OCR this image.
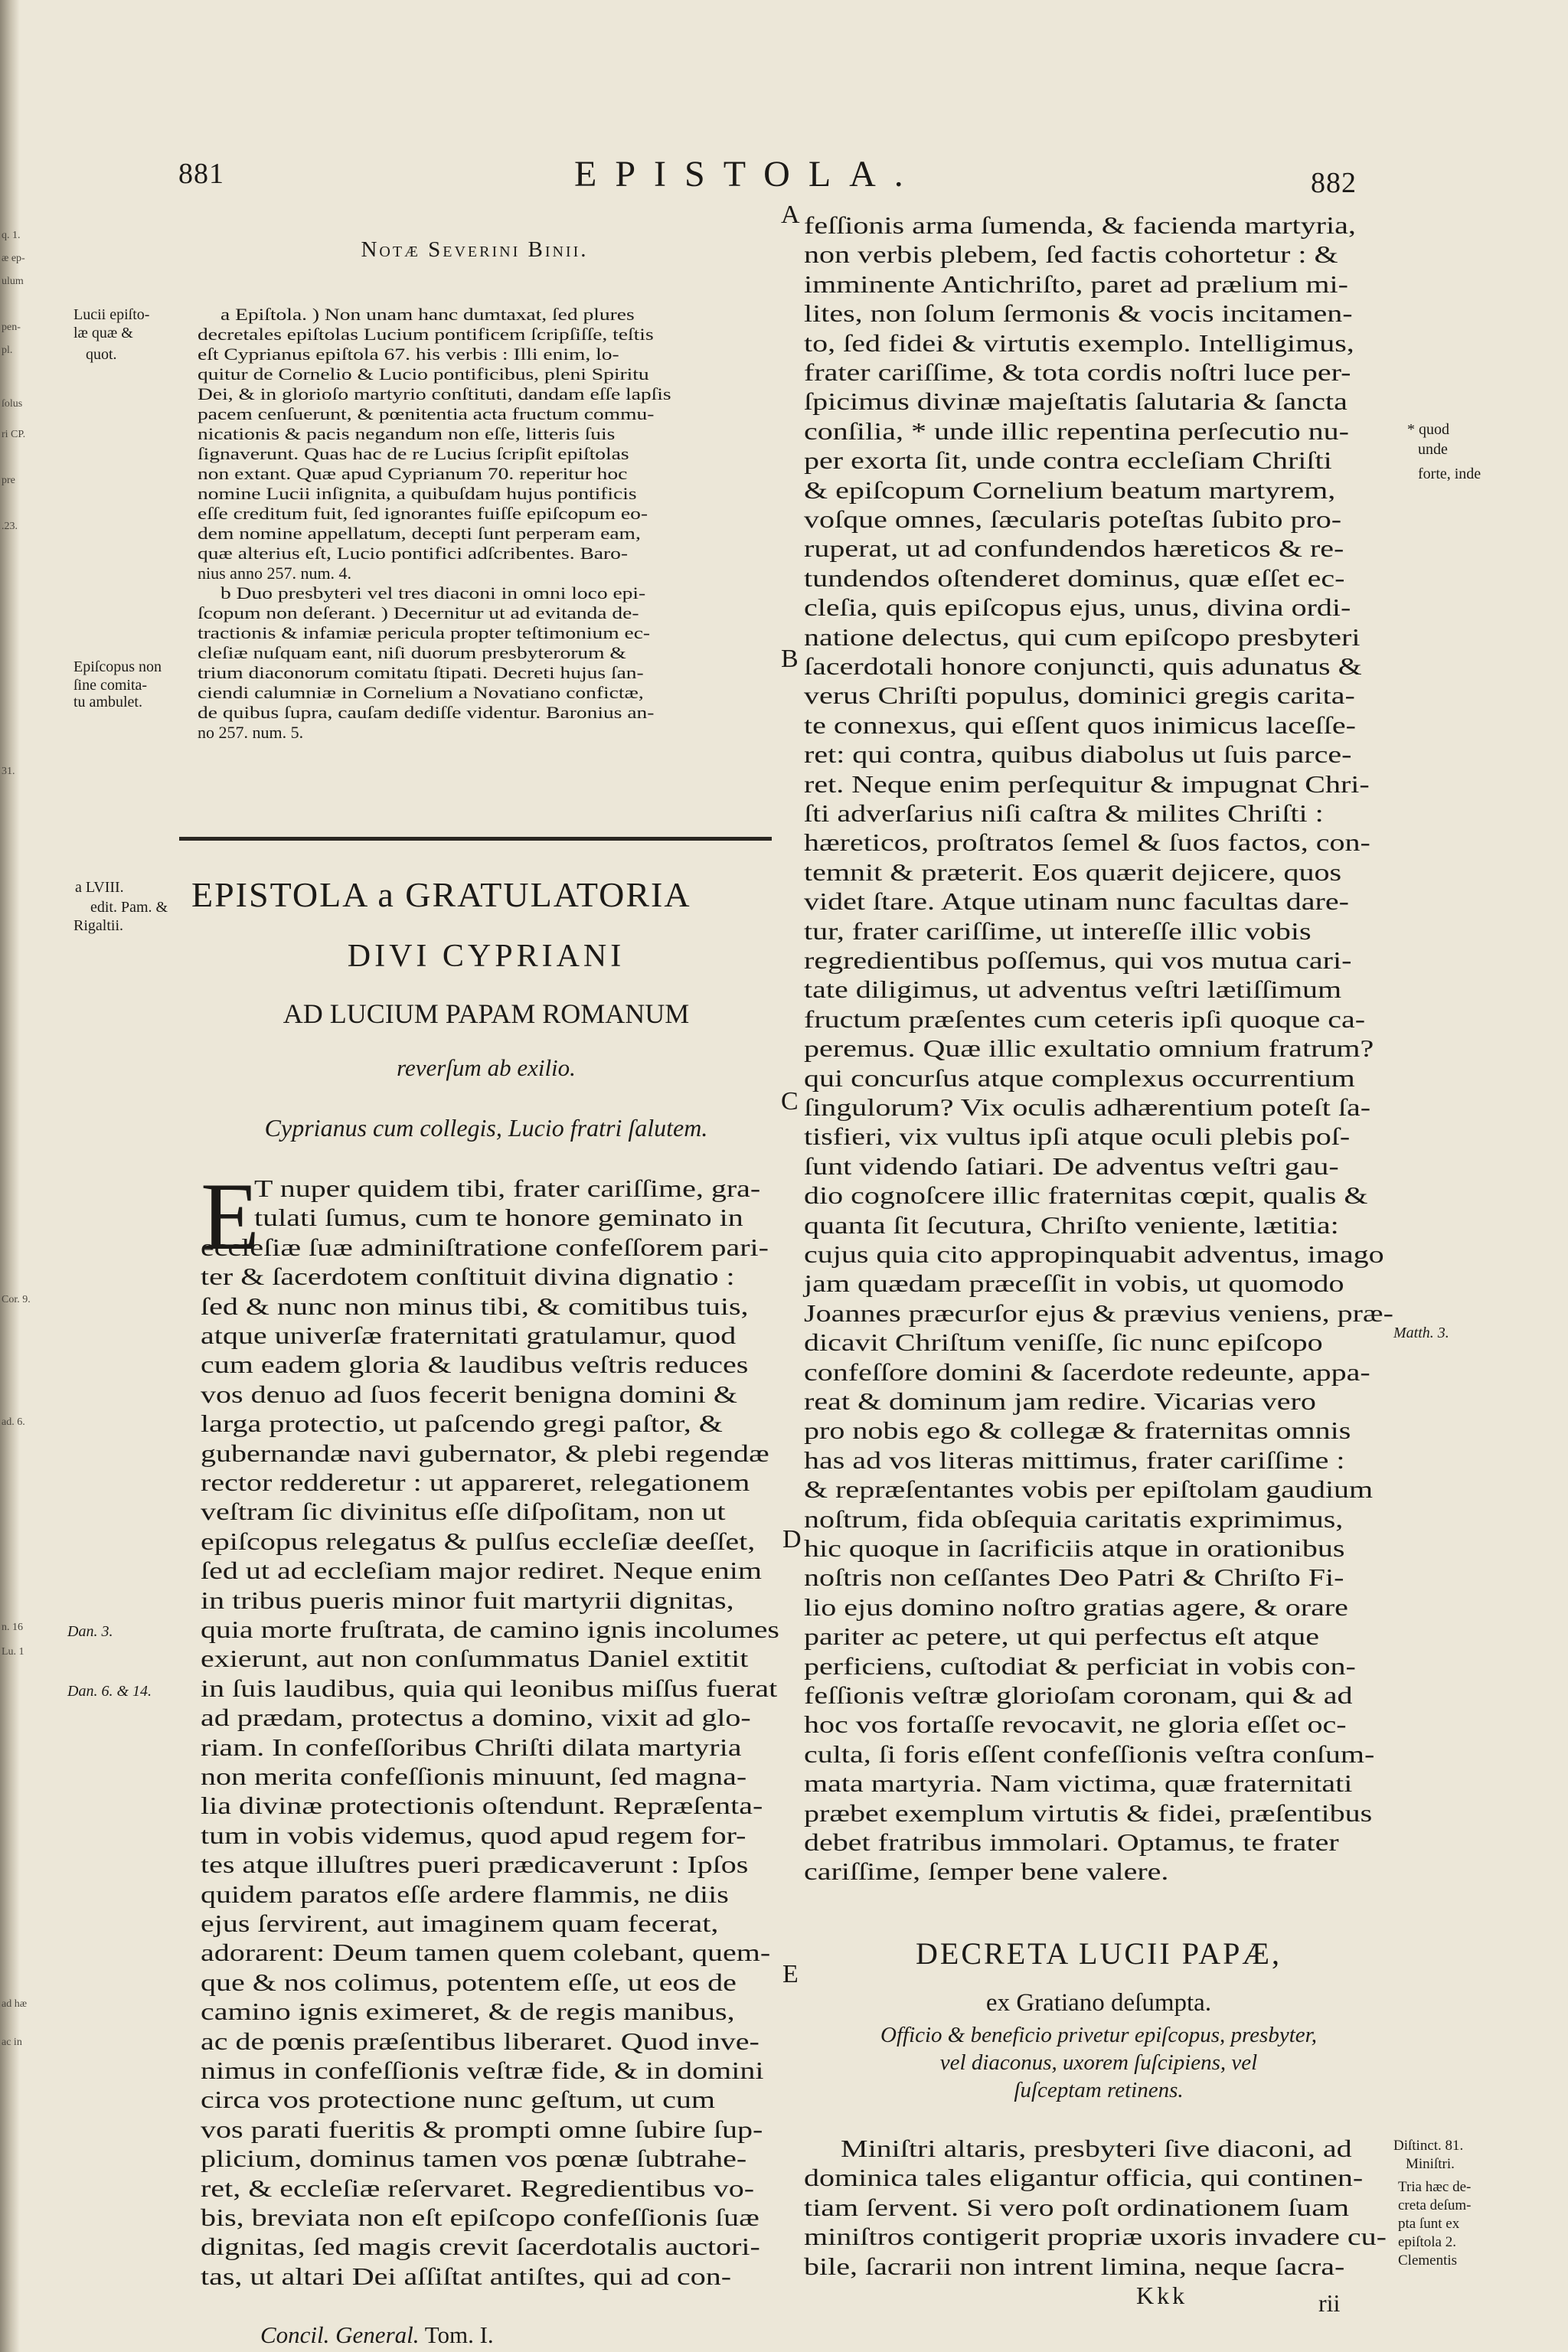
q. 1.
æ ep-
ulum
pen-
pl.
ſolus
ri CP.
pre
.23.
31.
Cor. 9.
ad. 6.
n. 16
Lu. 1
ad hæ
ac in
881	EPISTOLA.	882
Notæ Severini Binii.
a Epiſtola. ) Non unam hanc dumtaxat, ſed plures
decretales epiſtolas Lucium pontificem ſcripſiſſe, teſtis
eſt Cyprianus epiſtola 67. his verbis : Illi enim, lo-
quitur de Cornelio & Lucio pontificibus, pleni Spiritu
Dei, & in glorioſo martyrio conſtituti, dandam eſſe lapſis
pacem cenſuerunt, & pœnitentia acta fructum commu-
nicationis & pacis negandum non eſſe, litteris ſuis
ſignaverunt. Quas hac de re Lucius ſcripſit epiſtolas
non extant. Quæ apud Cyprianum 70. reperitur hoc
nomine Lucii inſignita, a quibuſdam hujus pontificis
eſſe creditum fuit, ſed ignorantes fuiſſe epiſcopum eo-
dem nomine appellatum, decepti ſunt perperam eam,
quæ alterius eſt, Lucio pontifici adſcribentes. Baro-
nius anno 257. num. 4.
b Duo presbyteri vel tres diaconi in omni loco epi-
ſcopum non deſerant. ) Decernitur ut ad evitanda de-
tractionis & infamiæ pericula propter teſtimonium ec-
cleſiæ nuſquam eant, niſi duorum presbyterorum &
trium diaconorum comitatu ſtipati. Decreti hujus ſan-
ciendi calumniæ in Cornelium a Novatiano confictæ,
de quibus ſupra, cauſam dediſſe videntur. Baronius an-
no 257. num. 5.
EPISTOLA a GRATULATORIA
DIVI CYPRIANI
AD LUCIUM PAPAM ROMANUM
reverſum ab exilio.
Cyprianus cum collegis, Lucio fratri ſalutem.
E
T nuper quidem tibi, frater cariſſime, gra-
tulati ſumus, cum te honore geminato in
eccleſiæ ſuæ adminiſtratione confeſſorem pari-
ter & ſacerdotem conſtituit divina dignatio :
ſed & nunc non minus tibi, & comitibus tuis,
atque univerſæ fraternitati gratulamur, quod
cum eadem gloria & laudibus veſtris reduces
vos denuo ad ſuos fecerit benigna domini &
larga protectio, ut paſcendo gregi paſtor, &
gubernandæ navi gubernator, & plebi regendæ
rector redderetur : ut appareret, relegationem
veſtram ſic divinitus eſſe diſpoſitam, non ut
epiſcopus relegatus & pulſus eccleſiæ deeſſet,
ſed ut ad eccleſiam major rediret. Neque enim
in tribus pueris minor fuit martyrii dignitas,
quia morte fruſtrata, de camino ignis incolumes
exierunt, aut non conſummatus Daniel extitit
in ſuis laudibus, quia qui leonibus miſſus fuerat
ad prædam, protectus a domino, vixit ad glo-
riam. In confeſſoribus Chriſti dilata martyria
non merita confeſſionis minuunt, ſed magna-
lia divinæ protectionis oſtendunt. Repræſenta-
tum in vobis videmus, quod apud regem for-
tes atque illuſtres pueri prædicaverunt : Ipſos
quidem paratos eſſe ardere flammis, ne diis
ejus ſervirent, aut imaginem quam fecerat,
adorarent: Deum tamen quem colebant, quem-
que & nos colimus, potentem eſſe, ut eos de
camino ignis eximeret, & de regis manibus,
ac de pœnis præſentibus liberaret. Quod inve-
nimus in confeſſionis veſtræ fide, & in domini
circa vos protectione nunc geſtum, ut cum
vos parati fueritis & prompti omne ſubire ſup-
plicium, dominus tamen vos pœnæ ſubtrahe-
ret, & eccleſiæ reſervaret. Regredientibus vo-
bis, breviata non eſt epiſcopo confeſſionis ſuæ
dignitas, ſed magis crevit ſacerdotalis auctori-
tas, ut altari Dei aſſiſtat antiſtes, qui ad con-
feſſionis arma ſumenda, & facienda martyria,
non verbis plebem, ſed factis cohortetur : &
imminente Antichriſto, paret ad prælium mi-
lites, non ſolum ſermonis & vocis incitamen-
to, ſed fidei & virtutis exemplo. Intelligimus,
frater cariſſime, & tota cordis noſtri luce per-
ſpicimus divinæ majeſtatis ſalutaria & ſancta
conſilia, * unde illic repentina perſecutio nu-
per exorta ſit, unde contra eccleſiam Chriſti
& epiſcopum Cornelium beatum martyrem,
voſque omnes, ſæcularis poteſtas ſubito pro-
ruperat, ut ad confundendos hæreticos & re-
tundendos oſtenderet dominus, quæ eſſet ec-
cleſia, quis epiſcopus ejus, unus, divina ordi-
natione delectus, qui cum epiſcopo presbyteri
ſacerdotali honore conjuncti, quis adunatus &
verus Chriſti populus, dominici gregis carita-
te connexus, qui eſſent quos inimicus laceſſe-
ret: qui contra, quibus diabolus ut ſuis parce-
ret. Neque enim perſequitur & impugnat Chri-
ſti adverſarius niſi caſtra & milites Chriſti :
hæreticos, proſtratos ſemel & ſuos factos, con-
temnit & præterit. Eos quærit dejicere, quos
videt ſtare. Atque utinam nunc facultas dare-
tur, frater cariſſime, ut intereſſe illic vobis
regredientibus poſſemus, qui vos mutua cari-
tate diligimus, ut adventus veſtri lætiſſimum
fructum præſentes cum ceteris ipſi quoque ca-
peremus. Quæ illic exultatio omnium fratrum?
qui concurſus atque complexus occurrentium
ſingulorum? Vix oculis adhærentium poteſt ſa-
tisfieri, vix vultus ipſi atque oculi plebis poſ-
ſunt videndo ſatiari. De adventus veſtri gau-
dio cognoſcere illic fraternitas cœpit, qualis &
quanta ſit ſecutura, Chriſto veniente, lætitia:
cujus quia cito appropinquabit adventus, imago
jam quædam præceſſit in vobis, ut quomodo
Joannes præcurſor ejus & prævius veniens, præ-
dicavit Chriſtum veniſſe, ſic nunc epiſcopo
confeſſore domini & ſacerdote redeunte, appa-
reat & dominum jam redire. Vicarias vero
pro nobis ego & collegæ & fraternitas omnis
has ad vos literas mittimus, frater cariſſime :
& repræſentantes vobis per epiſtolam gaudium
noſtrum, fida obſequia caritatis exprimimus,
hic quoque in ſacrificiis atque in orationibus
noſtris non ceſſantes Deo Patri & Chriſto Fi-
lio ejus domino noſtro gratias agere, & orare
pariter ac petere, ut qui perfectus eſt atque
perficiens, cuſtodiat & perficiat in vobis con-
feſſionis veſtræ glorioſam coronam, qui & ad
hoc vos fortaſſe revocavit, ne gloria eſſet oc-
culta, ſi foris eſſent confeſſionis veſtra conſum-
mata martyria. Nam victima, quæ fraternitati
præbet exemplum virtutis & fidei, præſentibus
debet fratribus immolari. Optamus, te frater
cariſſime, ſemper bene valere.
DECRETA LUCII PAPÆ,
ex Gratiano deſumpta.
Officio & beneficio privetur epiſcopus, presbyter,
vel diaconus, uxorem ſuſcipiens, vel
ſuſceptam retinens.
Miniſtri altaris, presbyteri ſive diaconi, ad
dominica tales eligantur officia, qui continen-
tiam ſervent. Si vero poſt ordinationem ſuam
miniſtros contigerit propriæ uxoris invadere cu-
bile, ſacrarii non intrent limina, neque ſacra-
Concil. General. Tom. I.
Kkk	rii
Lucii epiſto-
læ quæ &
quot.
Epiſcopus non
ſine comita-
tu ambulet.
a LVIII.
edit. Pam. &
Rigaltii.
Dan. 3.
Dan. 6. & 14.
* quod
unde
forte, inde
Matth. 3.
Diſtinct. 81.
Miniſtri.
Tria hæc de-
creta deſum-
pta ſunt ex
epiſtola 2.
Clementis
A
B
C
D
E
